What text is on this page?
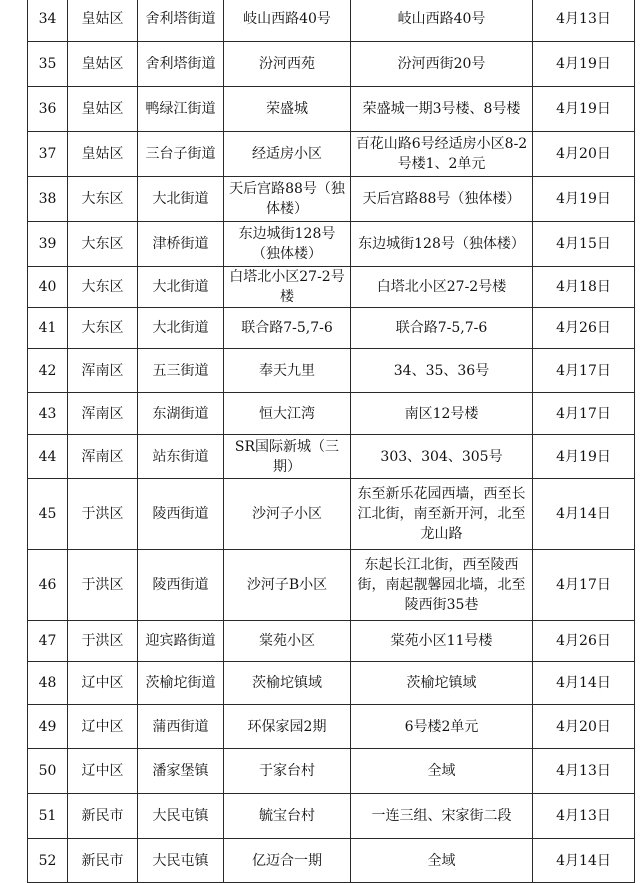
34	皇姑区	舍利塔街道	岐山西路40号	岐山西路40号	4月13日
35	皇姑区	舍利塔街道	汾河西苑	汾河西街20号	4月19日
36	皇姑区	鸭绿江街道	荣盛城	荣盛城一期3号楼、8号楼	4月19日
37	皇姑区	三台子街道	经适房小区	百花山路6号经适房小区8-2号楼1、2单元	4月20日
38	大东区	大北街道	天后宫路88号（独体楼）	天后宫路88号（独体楼）	4月19日
39	大东区	津桥街道	东边城街128号（独体楼）	东边城街128号（独体楼）	4月15日
40	大东区	大北街道	白塔北小区27-2号楼	白塔北小区27-2号楼	4月18日
41	大东区	大北街道	联合路7-5,7-6	联合路7-5,7-6	4月26日
42	浑南区	五三街道	奉天九里	34、35、36号	4月17日
43	浑南区	东湖街道	恒大江湾	南区12号楼	4月17日
44	浑南区	站东街道	SR国际新城（三期）	303、304、305号	4月19日
45	于洪区	陵西街道	沙河子小区	东至新乐花园西墙，西至长江北街，南至新开河，北至龙山路	4月14日
46	于洪区	陵西街道	沙河子B小区	东起长江北街，西至陵西街，南起靓馨园北墙，北至陵西街35巷	4月17日
47	于洪区	迎宾路街道	棠苑小区	棠苑小区11号楼	4月26日
48	辽中区	茨榆坨街道	茨榆坨镇域	茨榆坨镇域	4月14日
49	辽中区	蒲西街道	环保家园2期	6号楼2单元	4月20日
50	辽中区	潘家堡镇	于家台村	全域	4月13日
51	新民市	大民屯镇	毓宝台村	一连三组、宋家街二段	4月13日
52	新民市	大民屯镇	亿迈合一期	全域	4月14日
